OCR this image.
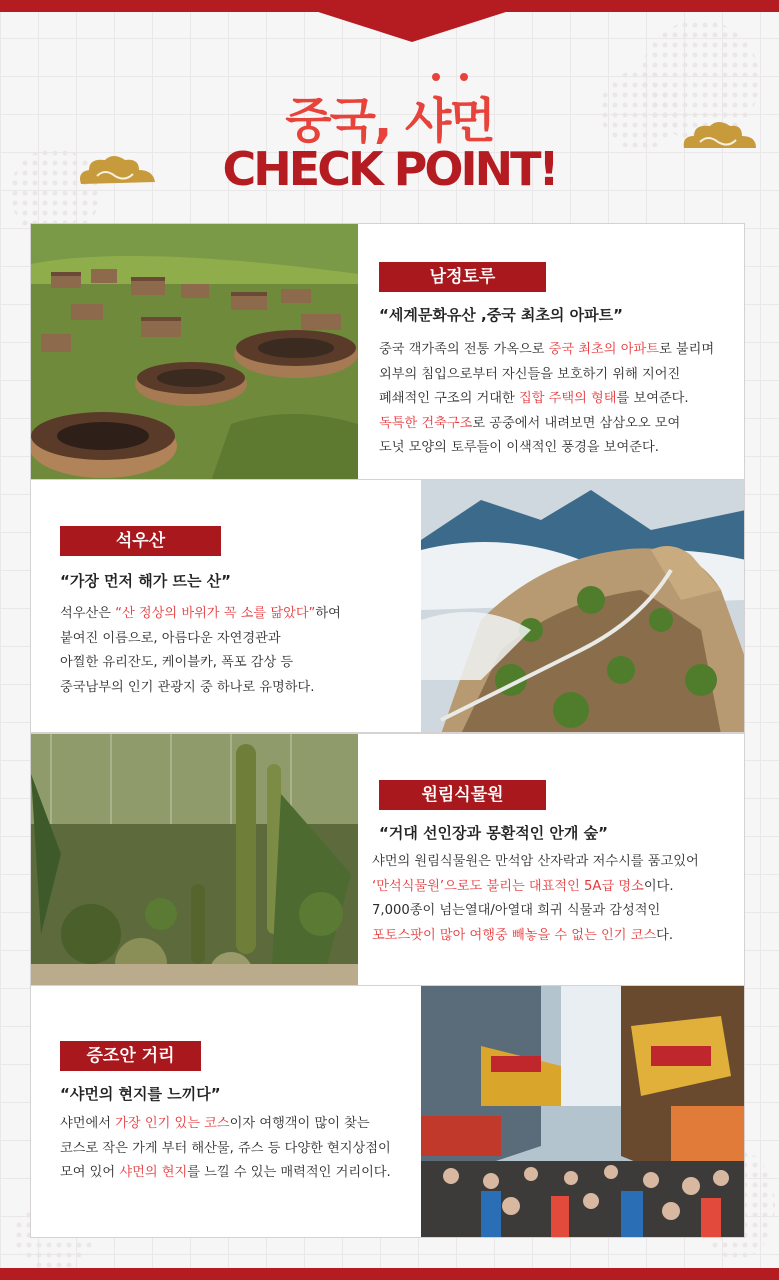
중국, 샤먼
CHECK POINT!
남정토루
“세계문화유산 ,중국 최초의 아파트”
중국 객가족의 전통 가옥으로 중국 최초의 아파트로 불리며
외부의 침입으로부터 자신들을 보호하기 위해 지어진
폐쇄적인 구조의 거대한 집합 주택의 형태를 보여준다.
독특한 건축구조로 공중에서 내려보면 삼삼오오 모여
도넛 모양의 토루들이 이색적인 풍경을 보여준다.
석우산
“가장 먼저 해가 뜨는 산”
석우산은 “산 정상의 바위가 꼭 소를 닮았다”하여
붙여진 이름으로, 아름다운 자연경관과
아찔한 유리잔도, 케이블카, 폭포 감상 등
중국남부의 인기 관광지 중 하나로 유명하다.
원림식물원
“거대 선인장과 몽환적인 안개 숲”
샤먼의 원림식물원은 만석암 산자락과 저수시를 품고있어
‘만석식물원’으로도 불리는 대표적인 5A급 명소이다.
7,000종이 넘는열대/아열대 희귀 식물과 감성적인
포토스팟이 많아 여행중 빼놓을 수 없는 인기 코스다.
증조안 거리
“샤먼의 현지를 느끼다”
샤먼에서 가장 인기 있는 코스이자 여행객이 많이 찾는
코스로 작은 가게 부터 해산물, 쥬스 등 다양한 현지상점이
모여 있어 샤먼의 현지를 느낄 수 있는 매력적인 거리이다.
